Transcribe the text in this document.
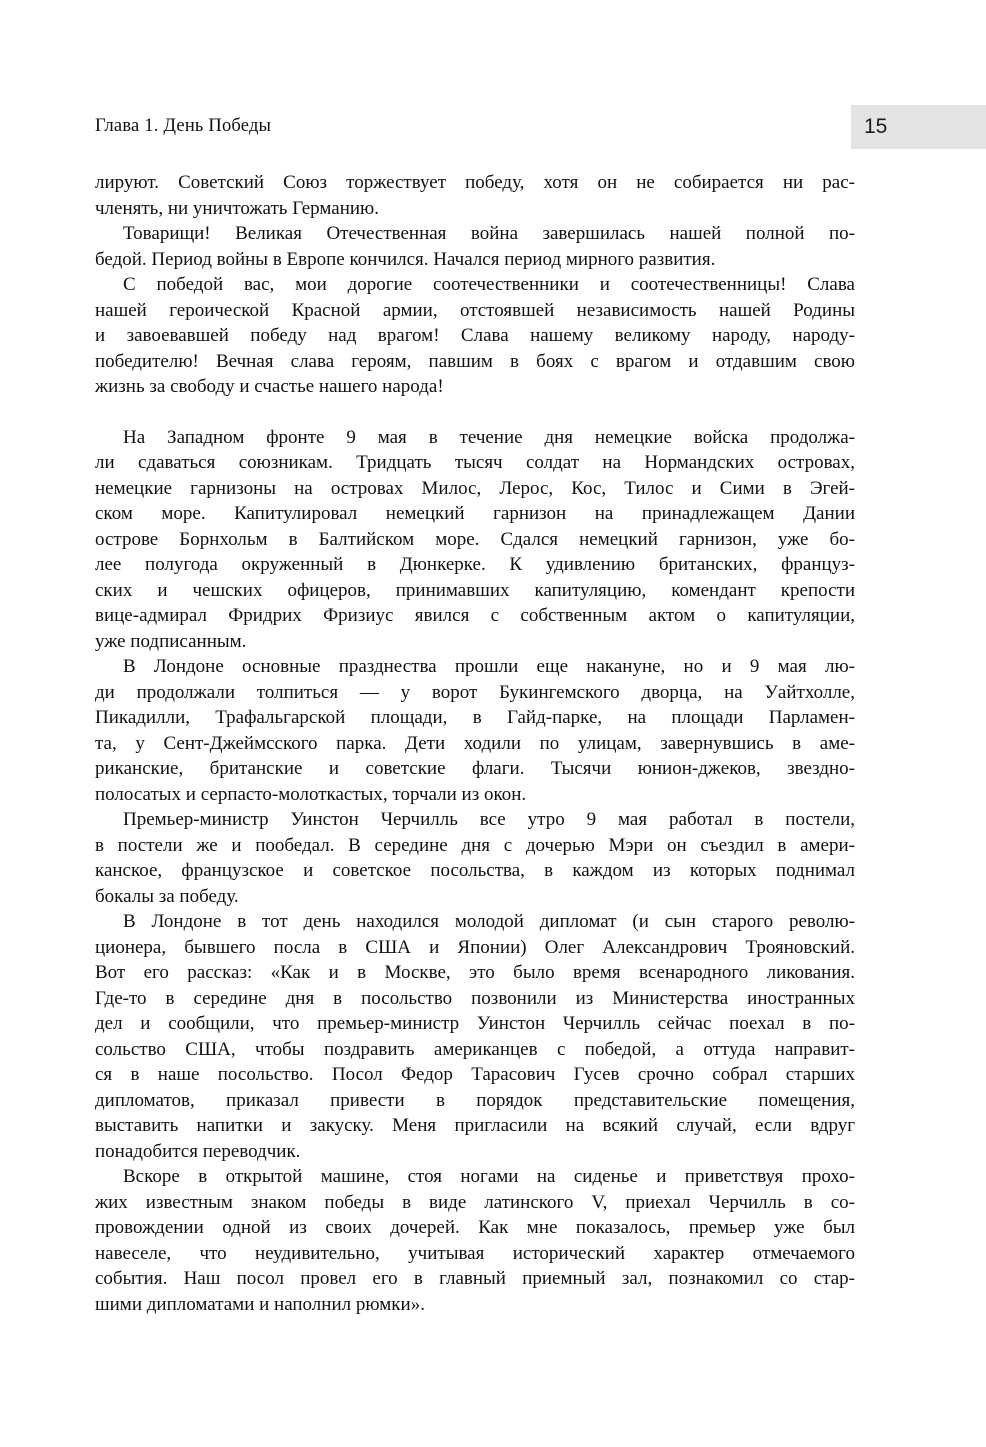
Глава 1. День Победы	15
лируют. Советский Союз торжествует победу, хотя он не собирается ни рас-
членять, ни уничтожать Германию.
Товарищи! Великая Отечественная война завершилась нашей полной по-
бедой. Период войны в Европе кончился. Начался период мирного развития.
С победой вас, мои дорогие соотечественники и соотечественницы! Слава
нашей героической Красной армии, отстоявшей независимость нашей Родины
и завоевавшей победу над врагом! Слава нашему великому народу, народу-
победителю! Вечная слава героям, павшим в боях с врагом и отдавшим свою
жизнь за свободу и счастье нашего народа!
На Западном фронте 9 мая в течение дня немецкие войска продолжа-
ли сдаваться союзникам. Тридцать тысяч солдат на Нормандских островах,
немецкие гарнизоны на островах Милос, Лерос, Кос, Тилос и Сими в Эгей-
ском море. Капитулировал немецкий гарнизон на принадлежащем Дании
острове Борнхольм в Балтийском море. Сдался немецкий гарнизон, уже бо-
лее полугода окруженный в Дюнкерке. К удивлению британских, француз-
ских и чешских офицеров, принимавших капитуляцию, комендант крепости
вице-адмирал Фридрих Фризиус явился с собственным актом о капитуляции,
уже подписанным.
В Лондоне основные празднества прошли еще накануне, но и 9 мая лю-
ди продолжали толпиться — у ворот Букингемского дворца, на Уайтхолле,
Пикадилли, Трафальгарской площади, в Гайд-парке, на площади Парламен-
та, у Сент-Джеймсского парка. Дети ходили по улицам, завернувшись в аме-
риканские, британские и советские флаги. Тысячи юнион-джеков, звездно-
полосатых и серпасто-молоткастых, торчали из окон.
Премьер-министр Уинстон Черчилль все утро 9 мая работал в постели,
в постели же и пообедал. В середине дня с дочерью Мэри он съездил в амери-
канское, французское и советское посольства, в каждом из которых поднимал
бокалы за победу.
В Лондоне в тот день находился молодой дипломат (и сын старого револю-
ционера, бывшего посла в США и Японии) Олег Александрович Трояновский.
Вот его рассказ: «Как и в Москве, это было время всенародного ликования.
Где-то в середине дня в посольство позвонили из Министерства иностранных
дел и сообщили, что премьер-министр Уинстон Черчилль сейчас поехал в по-
сольство США, чтобы поздравить американцев с победой, а оттуда направит-
ся в наше посольство. Посол Федор Тарасович Гусев срочно собрал старших
дипломатов, приказал привести в порядок представительские помещения,
выставить напитки и закуску. Меня пригласили на всякий случай, если вдруг
понадобится переводчик.
Вскоре в открытой машине, стоя ногами на сиденье и приветствуя прохо-
жих известным знаком победы в виде латинского V, приехал Черчилль в со-
провождении одной из своих дочерей. Как мне показалось, премьер уже был
навеселе, что неудивительно, учитывая исторический характер отмечаемого
события. Наш посол провел его в главный приемный зал, познакомил со стар-
шими дипломатами и наполнил рюмки».
